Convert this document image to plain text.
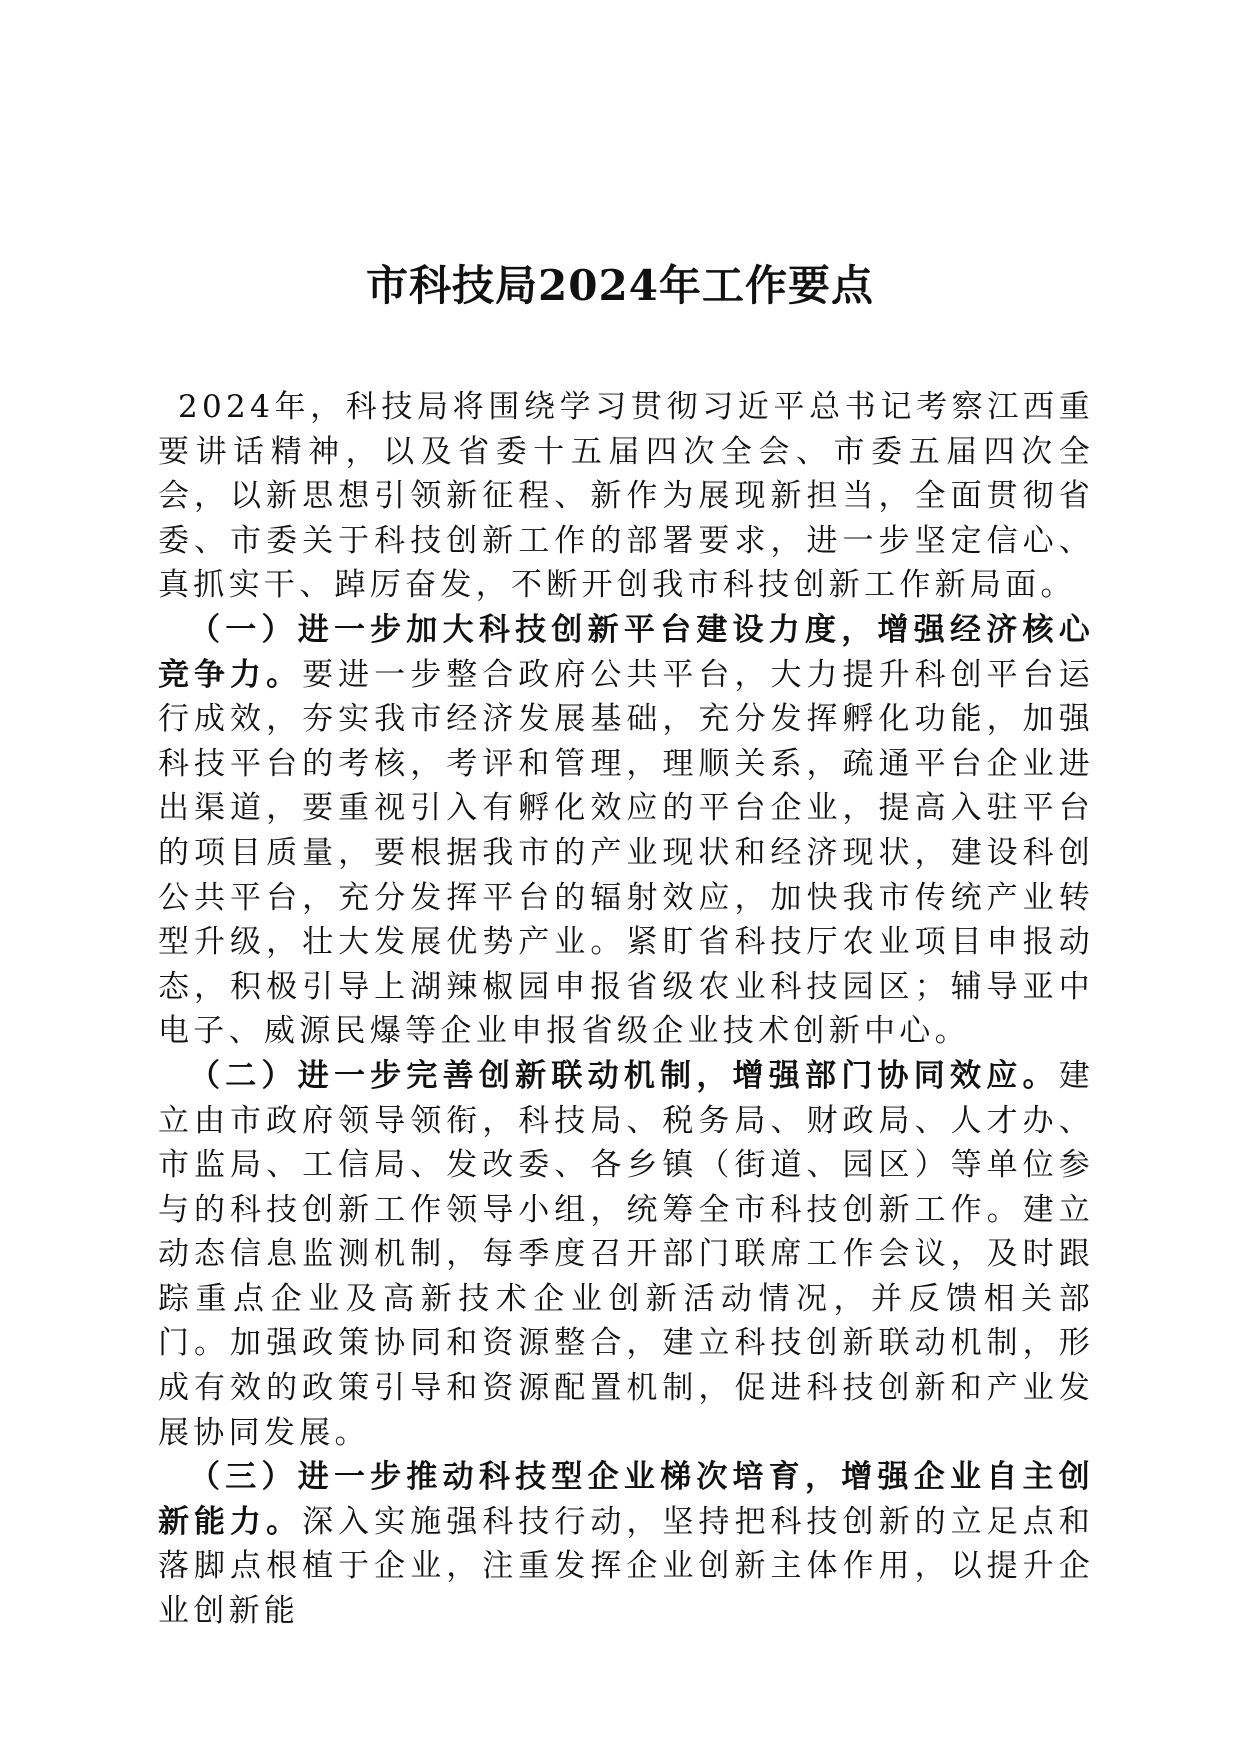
市科技局2024年工作要点

2024年，科技局将围绕学习贯彻习近平总书记考察江西重要讲话精神，以及省委十五届四次全会、市委五届四次全会，以新思想引领新征程、新作为展现新担当，全面贯彻省委、市委关于科技创新工作的部署要求，进一步坚定信心、真抓实干、踔厉奋发，不断开创我市科技创新工作新局面。

（一）进一步加大科技创新平台建设力度，增强经济核心竞争力。要进一步整合政府公共平台，大力提升科创平台运行成效，夯实我市经济发展基础，充分发挥孵化功能，加强科技平台的考核，考评和管理，理顺关系，疏通平台企业进出渠道，要重视引入有孵化效应的平台企业，提高入驻平台的项目质量，要根据我市的产业现状和经济现状，建设科创公共平台，充分发挥平台的辐射效应，加快我市传统产业转型升级，壮大发展优势产业。紧盯省科技厅农业项目申报动态，积极引导上湖辣椒园申报省级农业科技园区；辅导亚中电子、威源民爆等企业申报省级企业技术创新中心。

（二）进一步完善创新联动机制，增强部门协同效应。建立由市政府领导领衔，科技局、税务局、财政局、人才办、市监局、工信局、发改委、各乡镇（街道、园区）等单位参与的科技创新工作领导小组，统筹全市科技创新工作。建立动态信息监测机制，每季度召开部门联席工作会议，及时跟踪重点企业及高新技术企业创新活动情况，并反馈相关部门。加强政策协同和资源整合，建立科技创新联动机制，形成有效的政策引导和资源配置机制，促进科技创新和产业发展协同发展。

（三）进一步推动科技型企业梯次培育，增强企业自主创新能力。深入实施强科技行动，坚持把科技创新的立足点和落脚点根植于企业，注重发挥企业创新主体作用，以提升企业创新能
